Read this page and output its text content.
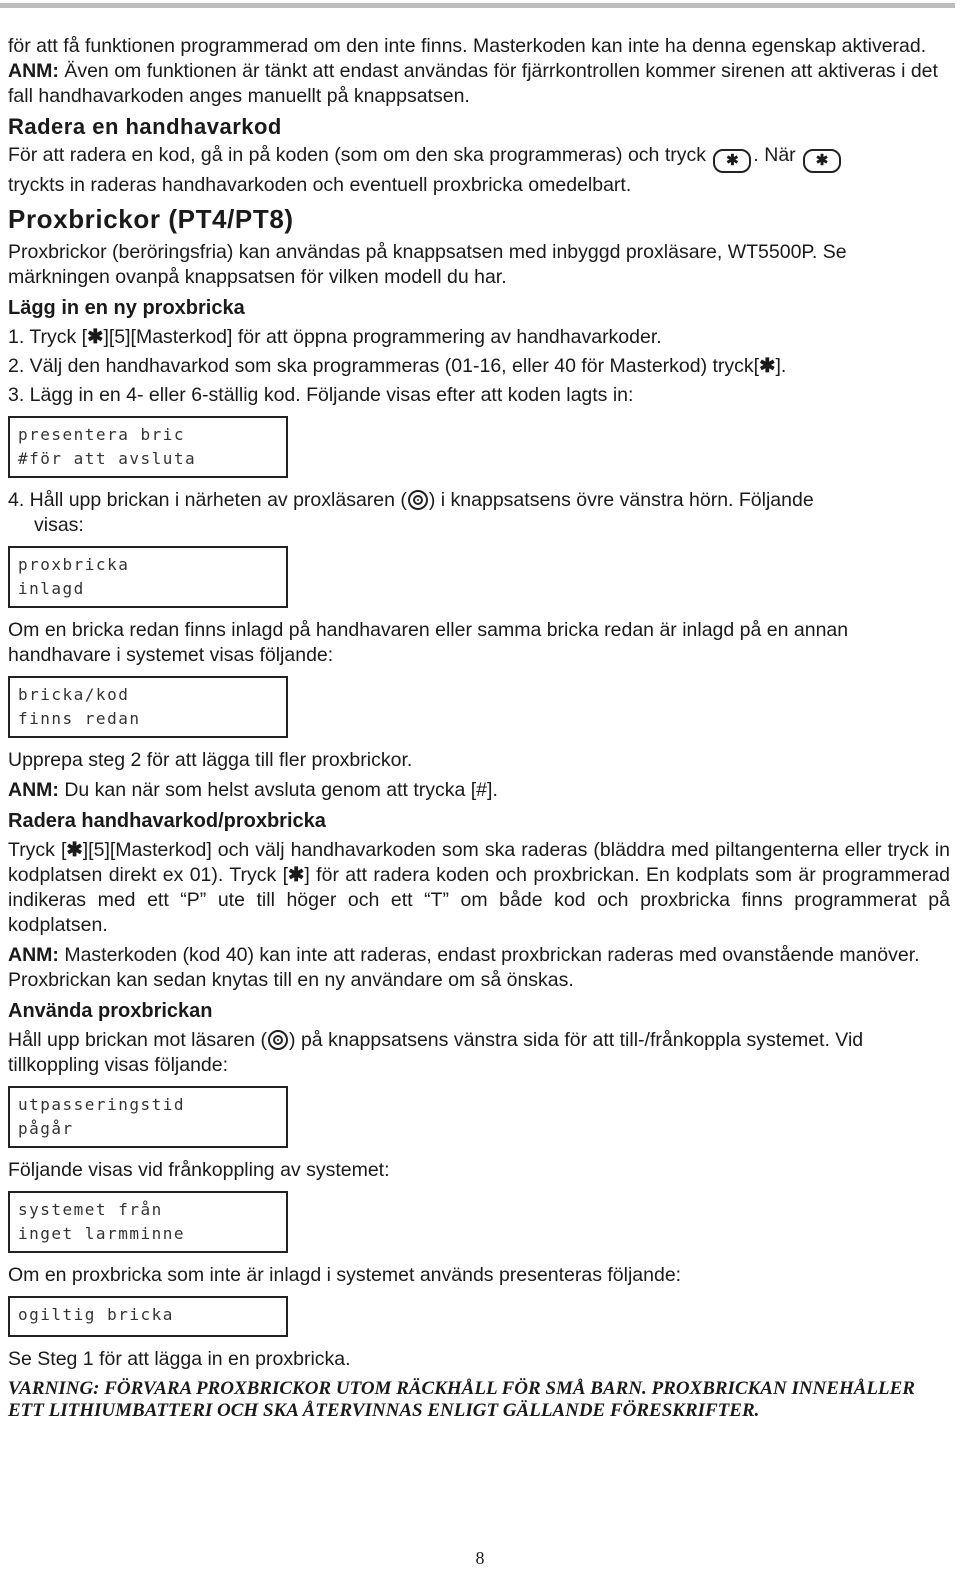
för att få funktionen programmerad om den inte finns. Masterkoden kan inte ha denna egenskap aktiverad.

ANM: Även om funktionen är tänkt att endast användas för fjärrkontrollen kommer sirenen att aktiveras i det fall handhavarkoden anges manuellt på knappsatsen.

Radera en handhavarkod

För att radera en kod, gå in på koden (som om den ska programmeras) och tryck ✱ . När ✱
tryckts in raderas handhavarkoden och eventuell proxbricka omedelbart.

Proxbrickor (PT4/PT8)

Proxbrickor (beröringsfria) kan användas på knappsatsen med inbyggd proxläsare, WT5500P. Se märkningen ovanpå knappsatsen för vilken modell du har.

Lägg in en ny proxbricka

1. Tryck [✱][5][Masterkod] för att öppna programmering av handhavarkoder.

2. Välj den handhavarkod som ska programmeras (01-16, eller 40 för Masterkod) tryck[✱].

3. Lägg in en 4- eller 6-ställig kod. Följande visas efter att koden lagts in:

presentera bric
#för att avsluta

4. Håll upp brickan i närheten av proxläsaren ( ) i knappsatsens övre vänstra hörn. Följande

visas:

proxbricka
inlagd

Om en bricka redan finns inlagd på handhavaren eller samma bricka redan är inlagd på en annan handhavare i systemet visas följande:

bricka/kod
finns redan

Upprepa steg 2 för att lägga till fler proxbrickor.

ANM: Du kan när som helst avsluta genom att trycka [#].

Radera handhavarkod/proxbricka

Tryck [✱][5][Masterkod] och välj handhavarkoden som ska raderas (bläddra med piltangenterna eller tryck in kodplatsen direkt ex 01). Tryck [✱] för att radera koden och proxbrickan. En kodplats som är programmerad indikeras med ett “P” ute till höger och ett “T” om både kod och proxbricka finns programmerat på kodplatsen.

ANM: Masterkoden (kod 40) kan inte att raderas, endast proxbrickan raderas med ovanstående manöver. Proxbrickan kan sedan knytas till en ny användare om så önskas.

Använda proxbrickan

Håll upp brickan mot läsaren ( ) på knappsatsens vänstra sida för att till-/frånkoppla systemet. Vid tillkoppling visas följande:

utpasseringstid
pågår

Följande visas vid frånkoppling av systemet:

systemet från
inget larmminne

Om en proxbricka som inte är inlagd i systemet används presenteras följande:

ogiltig bricka

Se Steg 1 för att lägga in en proxbricka.

VARNING: FÖRVARA PROXBRICKOR UTOM RÄCKHÅLL FÖR SMÅ BARN. PROXBRICKAN INNEHÅLLER ETT LITHIUMBATTERI OCH SKA ÅTERVINNAS ENLIGT GÄLLANDE FÖRESKRIFTER.

8
